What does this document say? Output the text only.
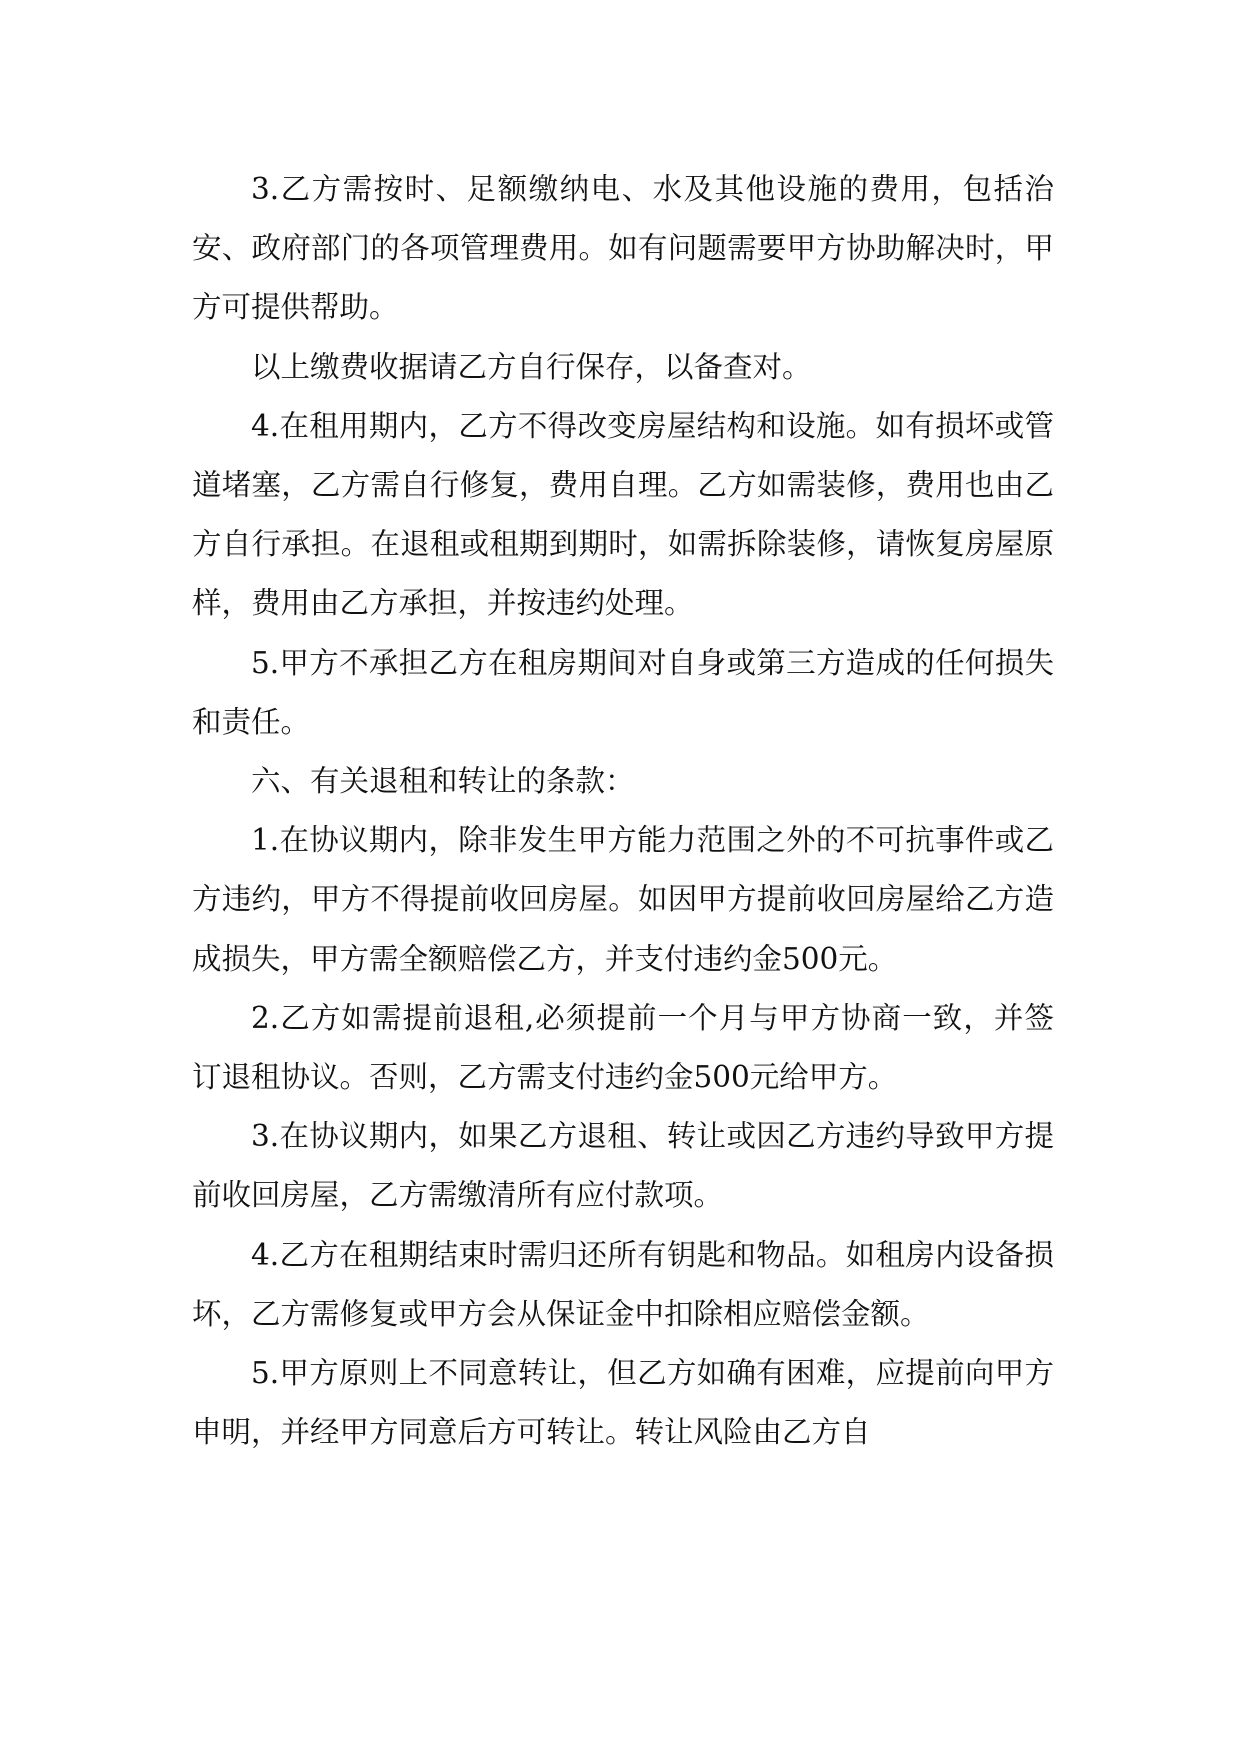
3.乙方需按时、足额缴纳电、水及其他设施的费用，包括治安、政府部门的各项管理费用。如有问题需要甲方协助解决时，甲方可提供帮助。

以上缴费收据请乙方自行保存，以备查对。

4.在租用期内，乙方不得改变房屋结构和设施。如有损坏或管道堵塞，乙方需自行修复，费用自理。乙方如需装修，费用也由乙方自行承担。在退租或租期到期时，如需拆除装修，请恢复房屋原样，费用由乙方承担，并按违约处理。

5.甲方不承担乙方在租房期间对自身或第三方造成的任何损失和责任。

六、有关退租和转让的条款：

1.在协议期内，除非发生甲方能力范围之外的不可抗事件或乙方违约，甲方不得提前收回房屋。如因甲方提前收回房屋给乙方造成损失，甲方需全额赔偿乙方，并支付违约金500元。

2.乙方如需提前退租,必须提前一个月与甲方协商一致，并签订退租协议。否则，乙方需支付违约金500元给甲方。

3.在协议期内，如果乙方退租、转让或因乙方违约导致甲方提前收回房屋，乙方需缴清所有应付款项。

4.乙方在租期结束时需归还所有钥匙和物品。如租房内设备损坏，乙方需修复或甲方会从保证金中扣除相应赔偿金额。

5.甲方原则上不同意转让，但乙方如确有困难，应提前向甲方申明，并经甲方同意后方可转让。转让风险由乙方自
